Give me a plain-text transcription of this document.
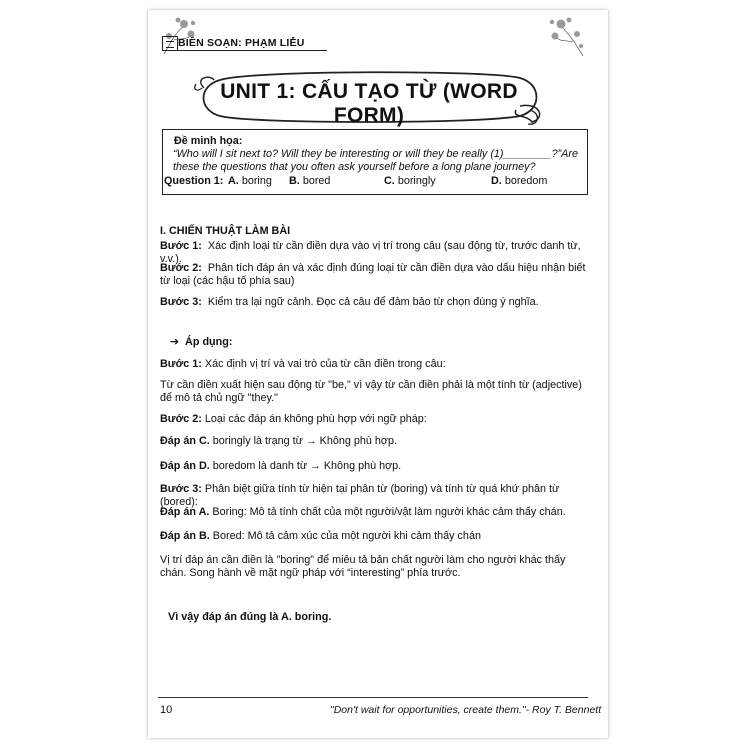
BIÊN SOẠN: PHẠM LIỄU
UNIT 1: CẤU TẠO TỪ (WORD FORM)
Đề minh họa:
“Who will I sit next to? Will they be interesting or will they be really (1)________?”Are these the questions that you often ask yourself before a long plane journey?
Question 1: A. boring B. bored	C. boringly	D. boredom
I. CHIẾN THUẬT LÀM BÀI
Bước 1: Xác định loại từ cần điền dựa vào vị trí trong câu (sau động từ, trước danh từ, v.v.).
Bước 2: Phân tích đáp án và xác định đúng loại từ cần điền dựa vào dấu hiệu nhận biết từ loại (các hậu tố phía sau)
Bước 3: Kiểm tra lại ngữ cảnh. Đọc cả câu để đảm bảo từ chọn đúng ý nghĩa.
➔ Áp dụng:
Bước 1: Xác định vị trí và vai trò của từ cần điền trong câu:
Từ cần điền xuất hiện sau động từ "be," vì vậy từ cần điền phải là một tính từ (adjective) để mô tả chủ ngữ "they."
Bước 2: Loại các đáp án không phù hợp với ngữ pháp:
Đáp án C. boringly là trạng từ → Không phù hợp.
Đáp án D. boredom là danh từ → Không phù hợp.
Bước 3: Phân biệt giữa tính từ hiện tại phân từ (boring) và tính từ quá khứ phân từ (bored):
Đáp án A. Boring: Mô tả tính chất của một người/vật làm người khác cảm thấy chán.
Đáp án B. Bored: Mô tả cảm xúc của một người khi cảm thấy chán
Vị trí đáp án cần điền là "boring" để miêu tả bản chất người làm cho người khác thấy chán. Song hành về mặt ngữ pháp với “interesting” phía trước.
Vì vậy đáp án đúng là A. boring.
10	"Don't wait for opportunities, create them."- Roy T. Bennett
